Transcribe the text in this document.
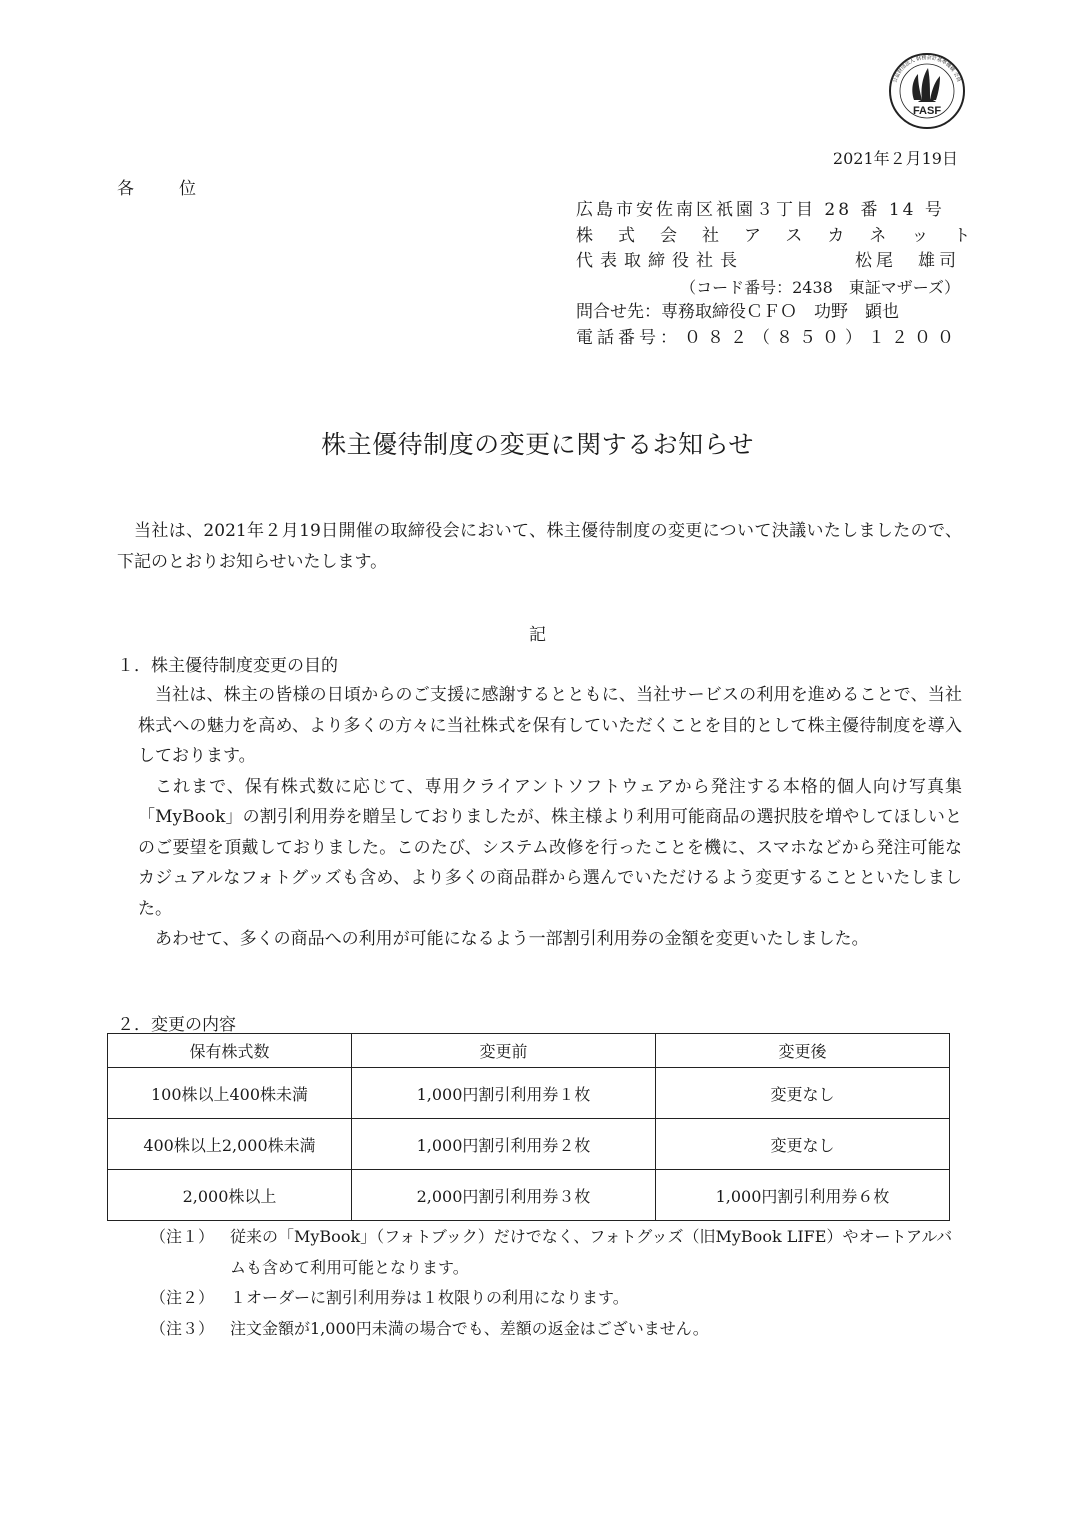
FASF
公益財団法人 財務会計基準機構 会員
2021年２月19日
各　位
広島市安佐南区祇園３丁目 28 番 14 号
株式会社アスカネット
代表取締役社長	松尾　雄司
（コード番号：2438　東証マザーズ）
問合せ先：専務取締役ＣＦＯ　功野　顕也
電話番号： ０８２（８５０）１２００
株主優待制度の変更に関するお知らせ
当社は、2021年２月19日開催の取締役会において、株主優待制度の変更について決議いたしましたので、下記のとおりお知らせいたします。
記
１．株主優待制度変更の目的

当社は、株主の皆様の日頃からのご支援に感謝するとともに、当社サービスの利用を進めることで、当社株式への魅力を高め、より多くの方々に当社株式を保有していただくことを目的として株主優待制度を導入しております。

これまで、保有株式数に応じて、専用クライアントソフトウェアから発注する本格的個人向け写真集「MyBook」の割引利用券を贈呈しておりましたが、株主様より利用可能商品の選択肢を増やしてほしいとのご要望を頂戴しておりました。このたび、システム改修を行ったことを機に、スマホなどから発注可能なカジュアルなフォトグッズも含め、より多くの商品群から選んでいただけるよう変更することといたしました。

あわせて、多くの商品への利用が可能になるよう一部割引利用券の金額を変更いたしました。

２．変更の内容
保有株式数	変更前	変更後
100株以上400株未満	1,000円割引利用券１枚	変更なし
400株以上2,000株未満	1,000円割引利用券２枚	変更なし
2,000株以上	2,000円割引利用券３枚	1,000円割引利用券６枚
（注１） 従来の「MyBook」（フォトブック）だけでなく、フォトグッズ（旧MyBook LIFE）やオートアルバムも含めて利用可能となります。
（注２） １オーダーに割引利用券は１枚限りの利用になります。
（注３） 注文金額が1,000円未満の場合でも、差額の返金はございません。
